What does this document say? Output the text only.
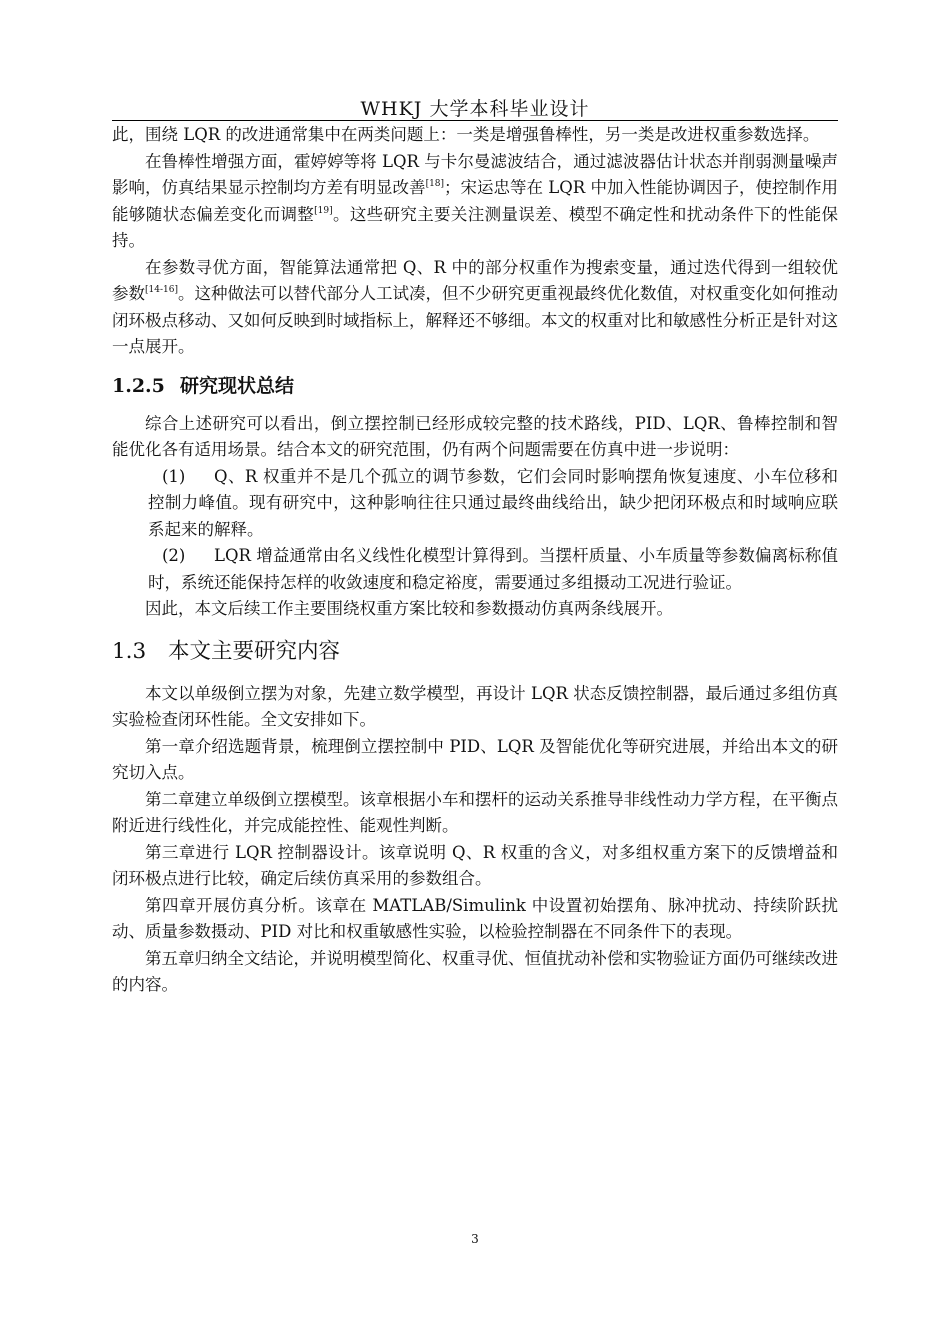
WHKJ 大学本科毕业设计

此，围绕 LQR 的改进通常集中在两类问题上：一类是增强鲁棒性，另一类是改进权重参数选择。

在鲁棒性增强方面，霍婷婷等将 LQR 与卡尔曼滤波结合，通过滤波器估计状态并削弱测量噪声影响，仿真结果显示控制均方差有明显改善[18]；宋运忠等在 LQR 中加入性能协调因子，使控制作用能够随状态偏差变化而调整[19]。这些研究主要关注测量误差、模型不确定性和扰动条件下的性能保持。

在参数寻优方面，智能算法通常把 Q、R 中的部分权重作为搜索变量，通过迭代得到一组较优参数[14-16]。这种做法可以替代部分人工试凑，但不少研究更重视最终优化数值，对权重变化如何推动闭环极点移动、又如何反映到时域指标上，解释还不够细。本文的权重对比和敏感性分析正是针对这一点展开。

1.2.5 研究现状总结

综合上述研究可以看出，倒立摆控制已经形成较完整的技术路线，PID、LQR、鲁棒控制和智能优化各有适用场景。结合本文的研究范围，仍有两个问题需要在仿真中进一步说明：

(1) Q、R 权重并不是几个孤立的调节参数，它们会同时影响摆角恢复速度、小车位移和控制力峰值。现有研究中，这种影响往往只通过最终曲线给出，缺少把闭环极点和时域响应联系起来的解释。

(2) LQR 增益通常由名义线性化模型计算得到。当摆杆质量、小车质量等参数偏离标称值时，系统还能保持怎样的收敛速度和稳定裕度，需要通过多组摄动工况进行验证。

因此，本文后续工作主要围绕权重方案比较和参数摄动仿真两条线展开。

1.3 本文主要研究内容

本文以单级倒立摆为对象，先建立数学模型，再设计 LQR 状态反馈控制器，最后通过多组仿真实验检查闭环性能。全文安排如下。

第一章介绍选题背景，梳理倒立摆控制中 PID、LQR 及智能优化等研究进展，并给出本文的研究切入点。

第二章建立单级倒立摆模型。该章根据小车和摆杆的运动关系推导非线性动力学方程，在平衡点附近进行线性化，并完成能控性、能观性判断。

第三章进行 LQR 控制器设计。该章说明 Q、R 权重的含义，对多组权重方案下的反馈增益和闭环极点进行比较，确定后续仿真采用的参数组合。

第四章开展仿真分析。该章在 MATLAB/Simulink 中设置初始摆角、脉冲扰动、持续阶跃扰动、质量参数摄动、PID 对比和权重敏感性实验，以检验控制器在不同条件下的表现。

第五章归纳全文结论，并说明模型简化、权重寻优、恒值扰动补偿和实物验证方面仍可继续改进的内容。

3
